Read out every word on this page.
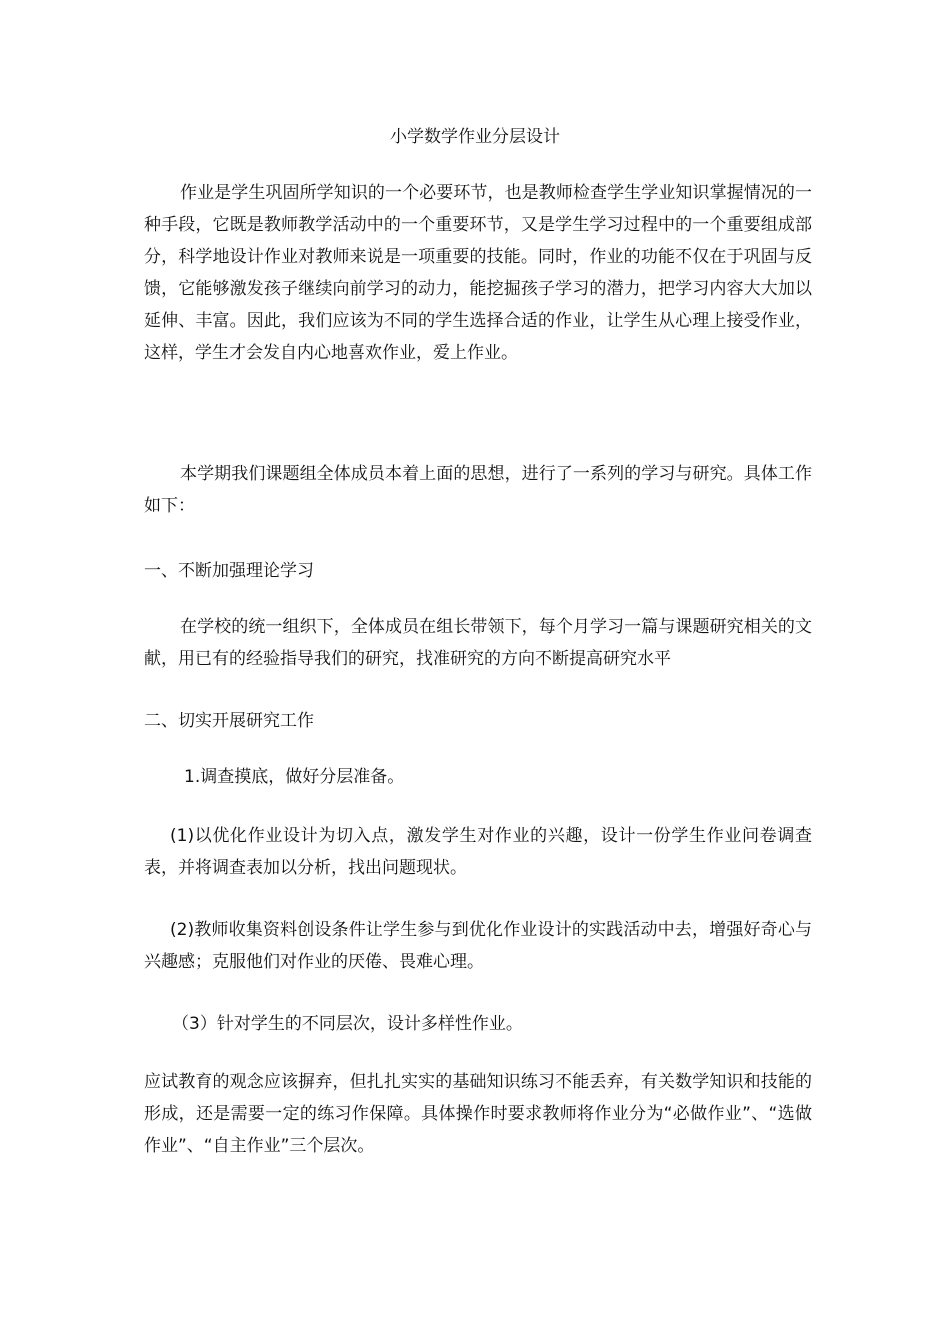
小学数学作业分层设计

作业是学生巩固所学知识的一个必要环节，也是教师检查学生学业知识掌握情况的一种手段，它既是教师教学活动中的一个重要环节，又是学生学习过程中的一个重要组成部分，科学地设计作业对教师来说是一项重要的技能。同时，作业的功能不仅在于巩固与反馈，它能够激发孩子继续向前学习的动力，能挖掘孩子学习的潜力，把学习内容大大加以延伸、丰富。因此，我们应该为不同的学生选择合适的作业，让学生从心理上接受作业，这样，学生才会发自内心地喜欢作业，爱上作业。

本学期我们课题组全体成员本着上面的思想，进行了一系列的学习与研究。具体工作如下：

一、不断加强理论学习

在学校的统一组织下，全体成员在组长带领下，每个月学习一篇与课题研究相关的文献，用已有的经验指导我们的研究，找准研究的方向不断提高研究水平

二、切实开展研究工作
1.调查摸底，做好分层准备。

(1)以优化作业设计为切入点，激发学生对作业的兴趣，设计一份学生作业问卷调查表，并将调查表加以分析，找出问题现状。

(2)教师收集资料创设条件让学生参与到优化作业设计的实践活动中去，增强好奇心与兴趣感；克服他们对作业的厌倦、畏难心理。

（3）针对学生的不同层次，设计多样性作业。

应试教育的观念应该摒弃，但扎扎实实的基础知识练习不能丢弃，有关数学知识和技能的形成，还是需要一定的练习作保障。具体操作时要求教师将作业分为“必做作业”、“选做作业”、“自主作业”三个层次。
